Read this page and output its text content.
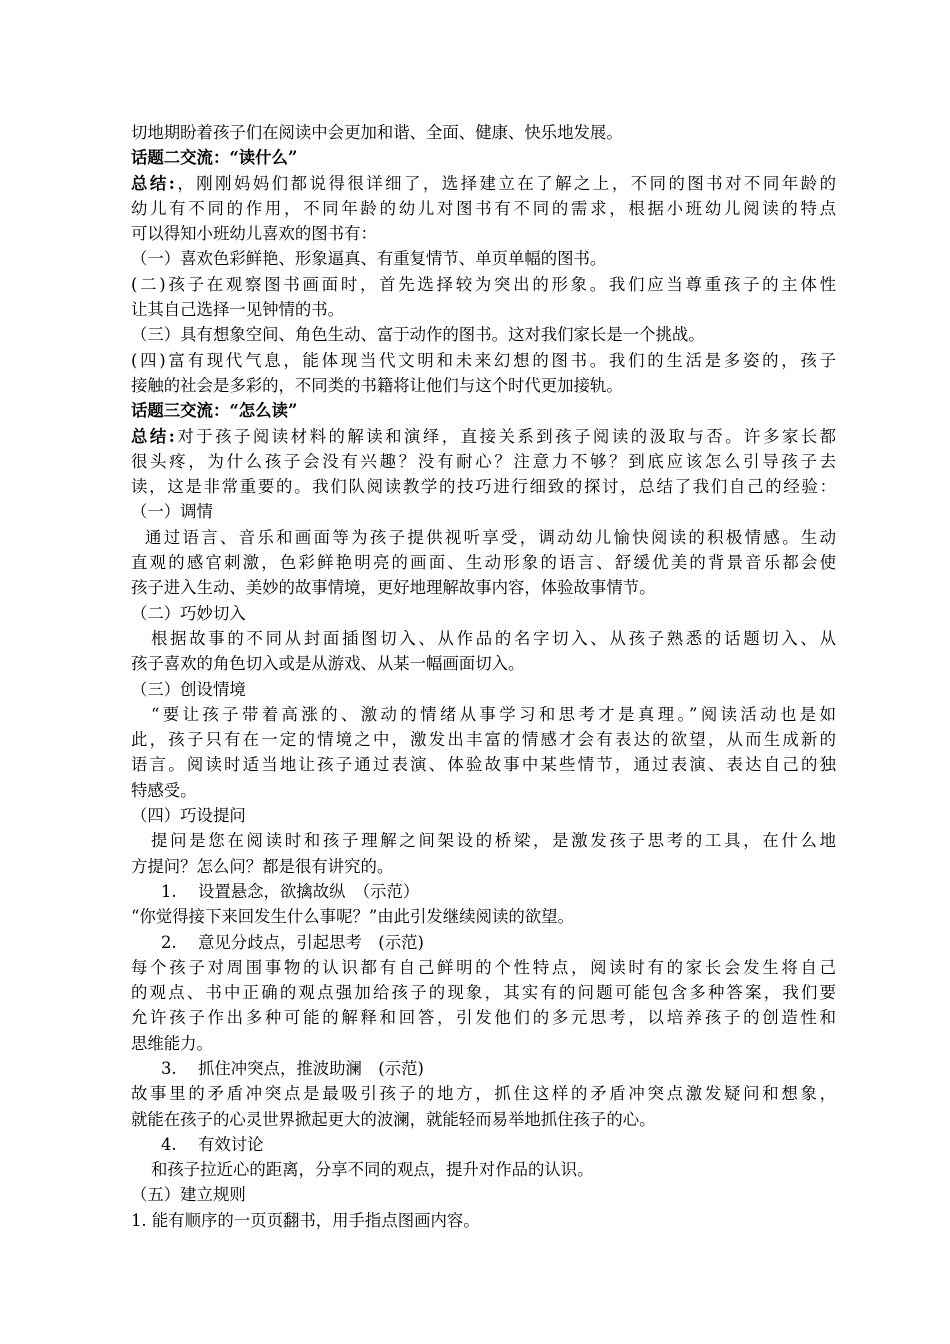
切地期盼着孩子们在阅读中会更加和谐、全面、健康、快乐地发展。
话题二交流：“读什么”
总结:，刚刚妈妈们都说得很详细了，选择建立在了解之上，不同的图书对不同年龄的
幼儿有不同的作用，不同年龄的幼儿对图书有不同的需求，根据小班幼儿阅读的特点
可以得知小班幼儿喜欢的图书有：
（一）喜欢色彩鲜艳、形象逼真、有重复情节、单页单幅的图书。
(二)孩子在观察图书画面时，首先选择较为突出的形象。我们应当尊重孩子的主体性
让其自己选择一见钟情的书。
（三）具有想象空间、角色生动、富于动作的图书。这对我们家长是一个挑战。
(四)富有现代气息，能体现当代文明和未来幻想的图书。我们的生活是多姿的，孩子
接触的社会是多彩的，不同类的书籍将让他们与这个时代更加接轨。
话题三交流：“怎么读”
总结:对于孩子阅读材料的解读和演绎，直接关系到孩子阅读的汲取与否。许多家长都
很头疼，为什么孩子会没有兴趣？没有耐心？注意力不够？到底应该怎么引导孩子去
读，这是非常重要的。我们队阅读教学的技巧进行细致的探讨，总结了我们自己的经验：
（一）调情
通过语言、音乐和画面等为孩子提供视听享受，调动幼儿愉快阅读的积极情感。生动
直观的感官刺激，色彩鲜艳明亮的画面、生动形象的语言、舒缓优美的背景音乐都会使
孩子进入生动、美妙的故事情境，更好地理解故事内容，体验故事情节。
（二）巧妙切入
根据故事的不同从封面插图切入、从作品的名字切入、从孩子熟悉的话题切入、从
孩子喜欢的角色切入或是从游戏、从某一幅画面切入。
（三）创设情境
“要让孩子带着高涨的、激动的情绪从事学习和思考才是真理。”阅读活动也是如
此，孩子只有在一定的情境之中，激发出丰富的情感才会有表达的欲望，从而生成新的
语言。阅读时适当地让孩子通过表演、体验故事中某些情节，通过表演、表达自己的独
特感受。
（四）巧设提问
提问是您在阅读时和孩子理解之间架设的桥梁，是激发孩子思考的工具，在什么地
方提问？怎么问？都是很有讲究的。
1. 设置悬念，欲擒故纵　（示范）
“你觉得接下来回发生什么事呢？”由此引发继续阅读的欲望。
2. 意见分歧点，引起思考　(示范)
每个孩子对周围事物的认识都有自己鲜明的个性特点，阅读时有的家长会发生将自己
的观点、书中正确的观点强加给孩子的现象，其实有的问题可能包含多种答案，我们要
允许孩子作出多种可能的解释和回答，引发他们的多元思考，以培养孩子的创造性和
思维能力。
3. 抓住冲突点，推波助澜　(示范)
故事里的矛盾冲突点是最吸引孩子的地方，抓住这样的矛盾冲突点激发疑问和想象，
就能在孩子的心灵世界掀起更大的波澜，就能轻而易举地抓住孩子的心。
4. 有效讨论
和孩子拉近心的距离，分享不同的观点，提升对作品的认识。
（五）建立规则
1. 能有顺序的一页页翻书，用手指点图画内容。
